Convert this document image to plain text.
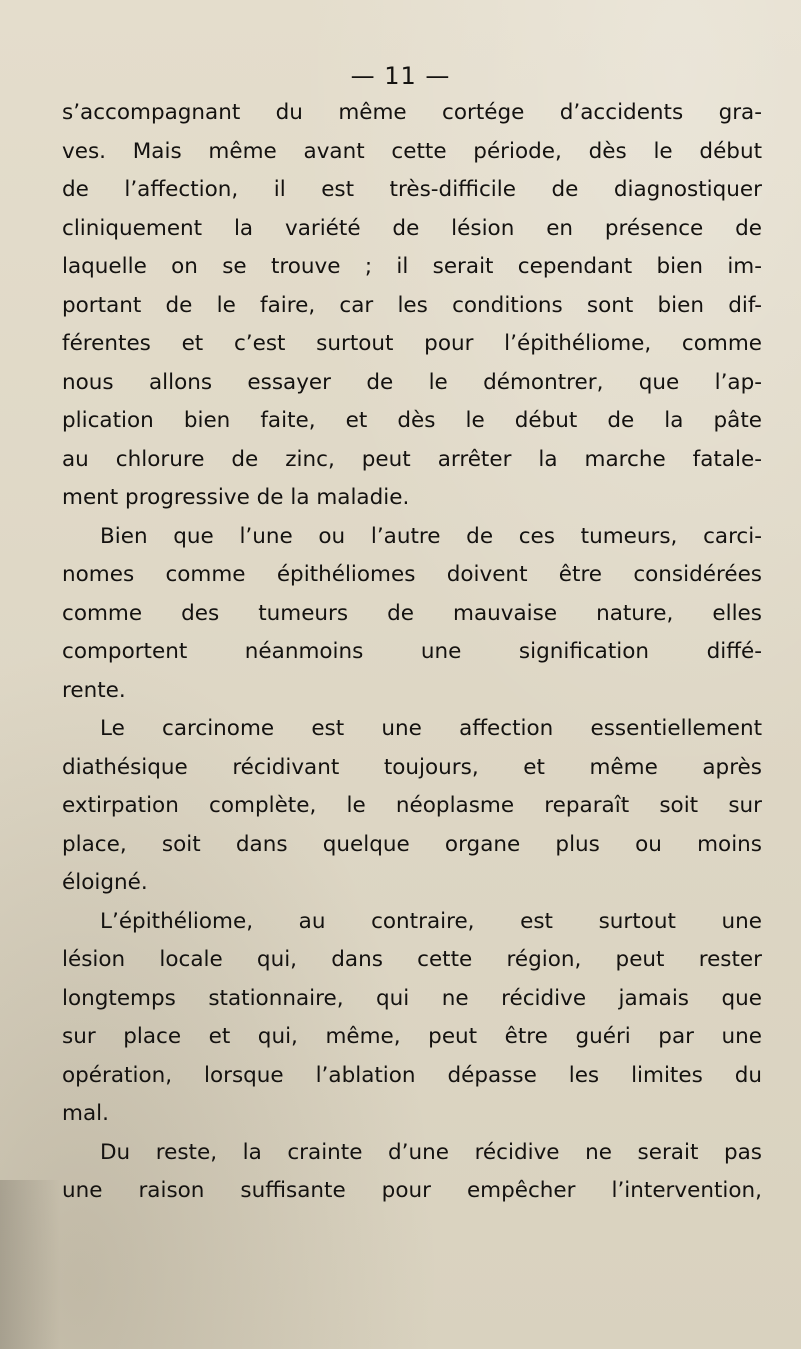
— 11 —
s’accompagnant du même cortége d’accidents gra-
ves. Mais même avant cette période, dès le début
de l’affection, il est très-difficile de diagnostiquer
cliniquement la variété de lésion en présence de
laquelle on se trouve ; il serait cependant bien im-
portant de le faire, car les conditions sont bien dif-
férentes et c’est surtout pour l’épithéliome, comme
nous allons essayer de le démontrer, que l’ap-
plication bien faite, et dès le début de la pâte
au chlorure de zinc, peut arrêter la marche fatale-
ment progressive de la maladie.
Bien que l’une ou l’autre de ces tumeurs, carci-
nomes comme épithéliomes doivent être considérées
comme des tumeurs de mauvaise nature, elles
comportent néanmoins une signification diffé-
rente.
Le carcinome est une affection essentiellement
diathésique récidivant toujours, et même après
extirpation complète, le néoplasme reparaît soit sur
place, soit dans quelque organe plus ou moins
éloigné.
L’épithéliome, au contraire, est surtout une
lésion locale qui, dans cette région, peut rester
longtemps stationnaire, qui ne récidive jamais que
sur place et qui, même, peut être guéri par une
opération, lorsque l’ablation dépasse les limites du
mal.
Du reste, la crainte d’une récidive ne serait pas
une raison suffisante pour empêcher l’intervention,
